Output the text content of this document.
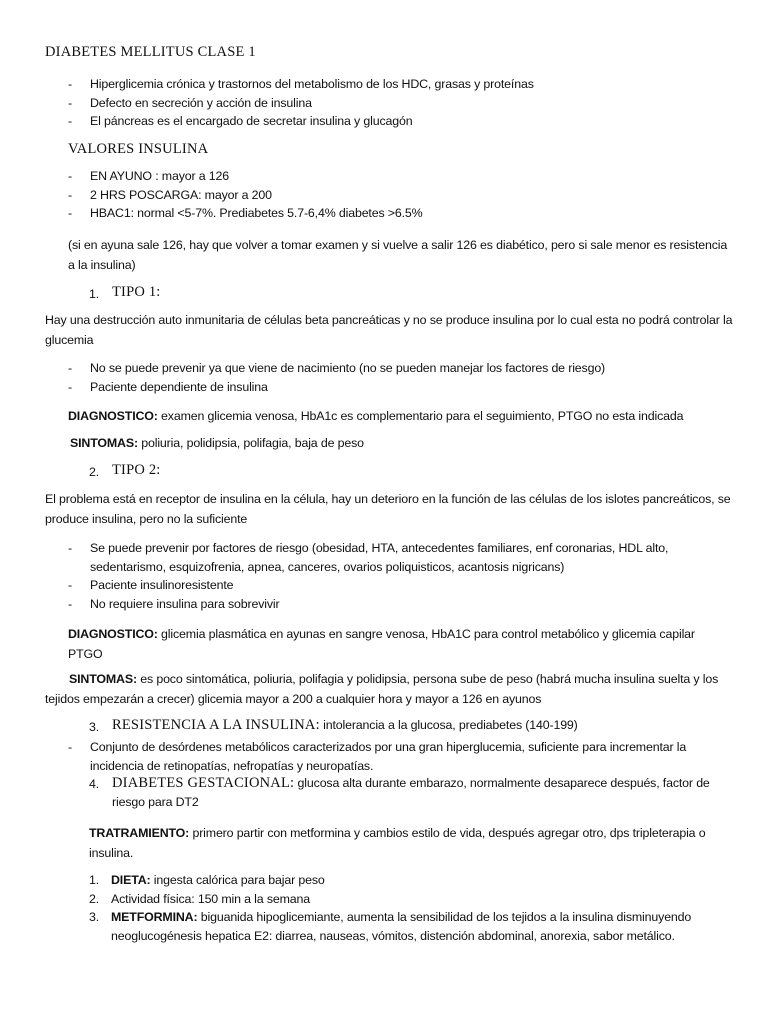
DIABETES MELLITUS CLASE 1
- Hiperglicemia crónica y trastornos del metabolismo de los HDC, grasas y proteínas
- Defecto en secreción y acción de insulina
- El páncreas es el encargado de secretar insulina y glucagón
VALORES INSULINA
- EN AYUNO : mayor a 126
- 2 HRS POSCARGA: mayor a 200
- HBAC1: normal <5-7%. Prediabetes 5.7-6,4% diabetes >6.5%
(si en ayuna sale 126, hay que volver a tomar examen y si vuelve a salir 126 es diabético, pero si sale menor es resistencia a la insulina)
1. TIPO 1:
Hay una destrucción auto inmunitaria de células beta pancreáticas y no se produce insulina por lo cual esta no podrá controlar la glucemia
- No se puede prevenir ya que viene de nacimiento (no se pueden manejar los factores de riesgo)
- Paciente dependiente de insulina
DIAGNOSTICO: examen glicemia venosa, HbA1c es complementario para el seguimiento, PTGO no esta indicada
SINTOMAS: poliuria, polidipsia, polifagia, baja de peso
2. TIPO 2:
El problema está en receptor de insulina en la célula, hay un deterioro en la función de las células de los islotes pancreáticos, se produce insulina, pero no la suficiente
- Se puede prevenir por factores de riesgo (obesidad, HTA, antecedentes familiares, enf coronarias, HDL alto, sedentarismo, esquizofrenia, apnea, canceres, ovarios poliquisticos, acantosis nigricans)
- Paciente insulinoresistente
- No requiere insulina para sobrevivir
DIAGNOSTICO: glicemia plasmática en ayunas en sangre venosa, HbA1C para control metabólico y glicemia capilar PTGO
SINTOMAS: es poco sintomática, poliuria, polifagia y polidipsia, persona sube de peso (habrá mucha insulina suelta y los tejidos empezarán a crecer) glicemia mayor a 200 a cualquier hora y mayor a 126 en ayunos
3. RESISTENCIA A LA INSULINA: intolerancia a la glucosa, prediabetes (140-199)
- Conjunto de desórdenes metabólicos caracterizados por una gran hiperglucemia, suficiente para incrementar la incidencia de retinopatías, nefropatías y neuropatías.
4. DIABETES GESTACIONAL: glucosa alta durante embarazo, normalmente desaparece después, factor de riesgo para DT2
TRATRAMIENTO: primero partir con metformina y cambios estilo de vida, después agregar otro, dps tripleterapia o insulina.
1. DIETA: ingesta calórica para bajar peso
2. Actividad física: 150 min a la semana
3. METFORMINA: biguanida hipoglicemiante, aumenta la sensibilidad de los tejidos a la insulina disminuyendo neoglucogénesis hepatica E2: diarrea, nauseas, vómitos, distención abdominal, anorexia, sabor metálico.
